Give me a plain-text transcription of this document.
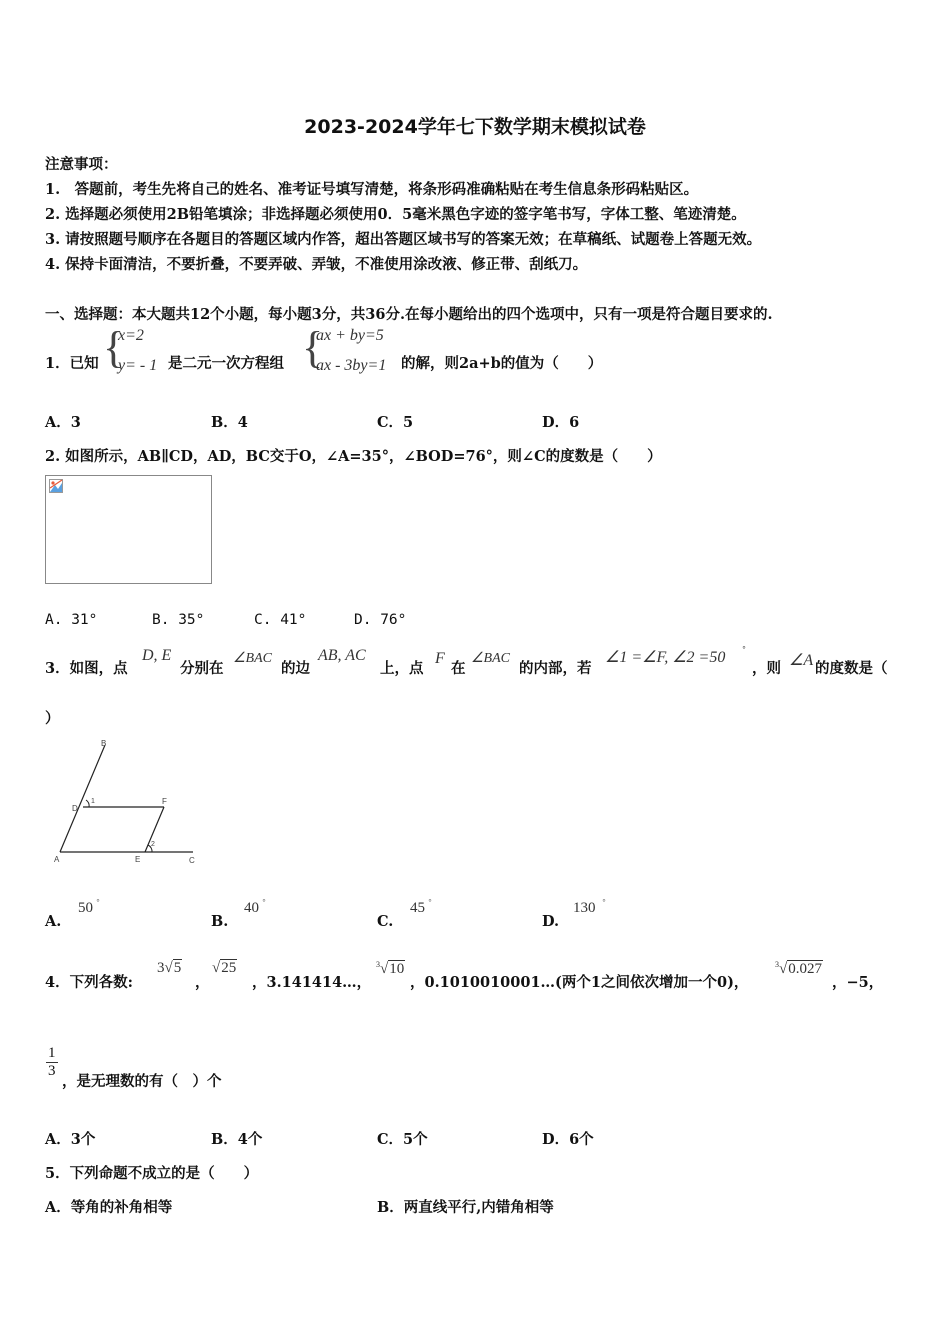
2023-2024学年七下数学期末模拟试卷
注意事项：
1.　答题前，考生先将自己的姓名、准考证号填写清楚，将条形码准确粘贴在考生信息条形码粘贴区。
2. 选择题必须使用2B铅笔填涂；非选择题必须使用0．5毫米黑色字迹的签字笔书写，字体工整、笔迹清楚。
3. 请按照题号顺序在各题目的答题区域内作答，超出答题区域书写的答案无效；在草稿纸、试题卷上答题无效。
4. 保持卡面清洁，不要折叠，不要弄破、弄皱，不准使用涂改液、修正带、刮纸刀。
一、选择题：本大题共12个小题，每小题3分，共36分.在每小题给出的四个选项中，只有一项是符合题目要求的.
1．已知 {
x=2
y= - 1 是二元一次方程组 {
ax + by=5
ax - 3by=1 的解，则2a+b的值为（　　）
A．3	B．4	C．5	D．6
2. 如图所示，AB∥CD，AD，BC交于O，∠A=35°，∠BOD=76°，则∠C的度数是（　　）
A. 31°	B. 35°	C. 41°	D. 76°
3．如图，点
D, E
分别在
∠BAC
的边
AB, AC
上，点
F
在
∠BAC
的内部，若
∠1 =∠F, ∠2 =50 °
，则 ∠A 的度数是（
）
A
B
C
D
E
F
1
2
A.
50 °
B.
40 °
C.
45 °
D.
130 °
4．下列各数:
3√5
，
√25
，3.141414…，
$^3$√10
，0.1010010001…(两个1之间依次增加一个0)，
$^3$√0.027
，−5，
$\frac{1}{3}$
，是无理数的有（　）个
A．3个	B．4个	C．5个	D．6个
5．下列命题不成立的是（　　）
A．等角的补角相等	B．两直线平行,内错角相等
